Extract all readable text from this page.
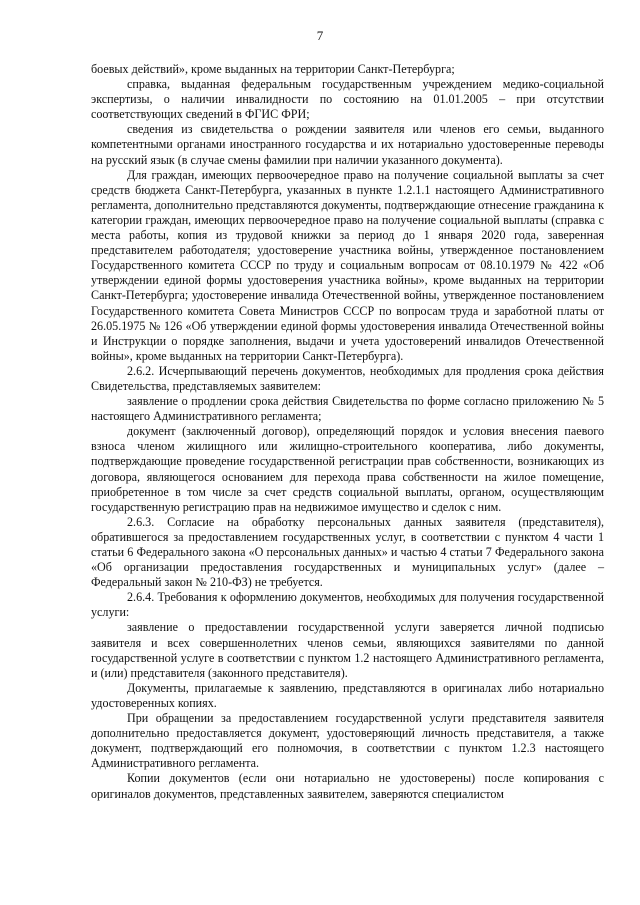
7

боевых действий», кроме выданных на территории Санкт-Петербурга;

справка, выданная федеральным государственным учреждением медико-социальной экспертизы, о наличии инвалидности по состоянию на 01.01.2005 – при отсутствии соответствующих сведений в ФГИС ФРИ;

сведения из свидетельства о рождении заявителя или членов его семьи, выданного компетентными органами иностранного государства и их нотариально удостоверенные переводы на русский язык (в случае смены фамилии при наличии указанного документа).

Для граждан, имеющих первоочередное право на получение социальной выплаты за счет средств бюджета Санкт-Петербурга, указанных в пункте 1.2.1.1 настоящего Административного регламента, дополнительно представляются документы, подтверждающие отнесение гражданина к категории граждан, имеющих первоочередное право на получение социальной выплаты (справка с места работы, копия из трудовой книжки за период до 1 января 2020 года, заверенная представителем работодателя; удостоверение участника войны, утвержденное постановлением Государственного комитета СССР по труду и социальным вопросам от 08.10.1979 № 422 «Об утверждении единой формы удостоверения участника войны», кроме выданных на территории Санкт-Петербурга; удостоверение инвалида Отечественной войны, утвержденное постановлением Государственного комитета Совета Министров СССР по вопросам труда и заработной платы от 26.05.1975 № 126 «Об утверждении единой формы удостоверения инвалида Отечественной войны и Инструкции о порядке заполнения, выдачи и учета удостоверений инвалидов Отечественной войны», кроме выданных на территории Санкт-Петербурга).

2.6.2. Исчерпывающий перечень документов, необходимых для продления срока действия Свидетельства, представляемых заявителем:

заявление о продлении срока действия Свидетельства по форме согласно приложению № 5 настоящего Административного регламента;

документ (заключенный договор), определяющий порядок и условия внесения паевого взноса членом жилищного или жилищно-строительного кооператива, либо документы, подтверждающие проведение государственной регистрации прав собственности, возникающих из договора, являющегося основанием для перехода права собственности на жилое помещение, приобретенное в том числе за счет средств социальной выплаты, органом, осуществляющим государственную регистрацию прав на недвижимое имущество и сделок с ним.

2.6.3. Согласие на обработку персональных данных заявителя (представителя), обратившегося за предоставлением государственных услуг, в соответствии с пунктом 4 части 1 статьи 6 Федерального закона «О персональных данных» и частью 4 статьи 7 Федерального закона «Об организации предоставления государственных и муниципальных услуг» (далее – Федеральный закон № 210-ФЗ) не требуется.

2.6.4. Требования к оформлению документов, необходимых для получения государственной услуги:

заявление о предоставлении государственной услуги заверяется личной подписью заявителя и всех совершеннолетних членов семьи, являющихся заявителями по данной государственной услуге в соответствии с пунктом 1.2 настоящего Административного регламента, и (или) представителя (законного представителя).

Документы, прилагаемые к заявлению, представляются в оригиналах либо нотариально удостоверенных копиях.

При обращении за предоставлением государственной услуги представителя заявителя дополнительно предоставляется документ, удостоверяющий личность представителя, а также документ, подтверждающий его полномочия, в соответствии с пунктом 1.2.3 настоящего Административного регламента.

Копии документов (если они нотариально не удостоверены) после копирования с оригиналов документов, представленных заявителем, заверяются специалистом
